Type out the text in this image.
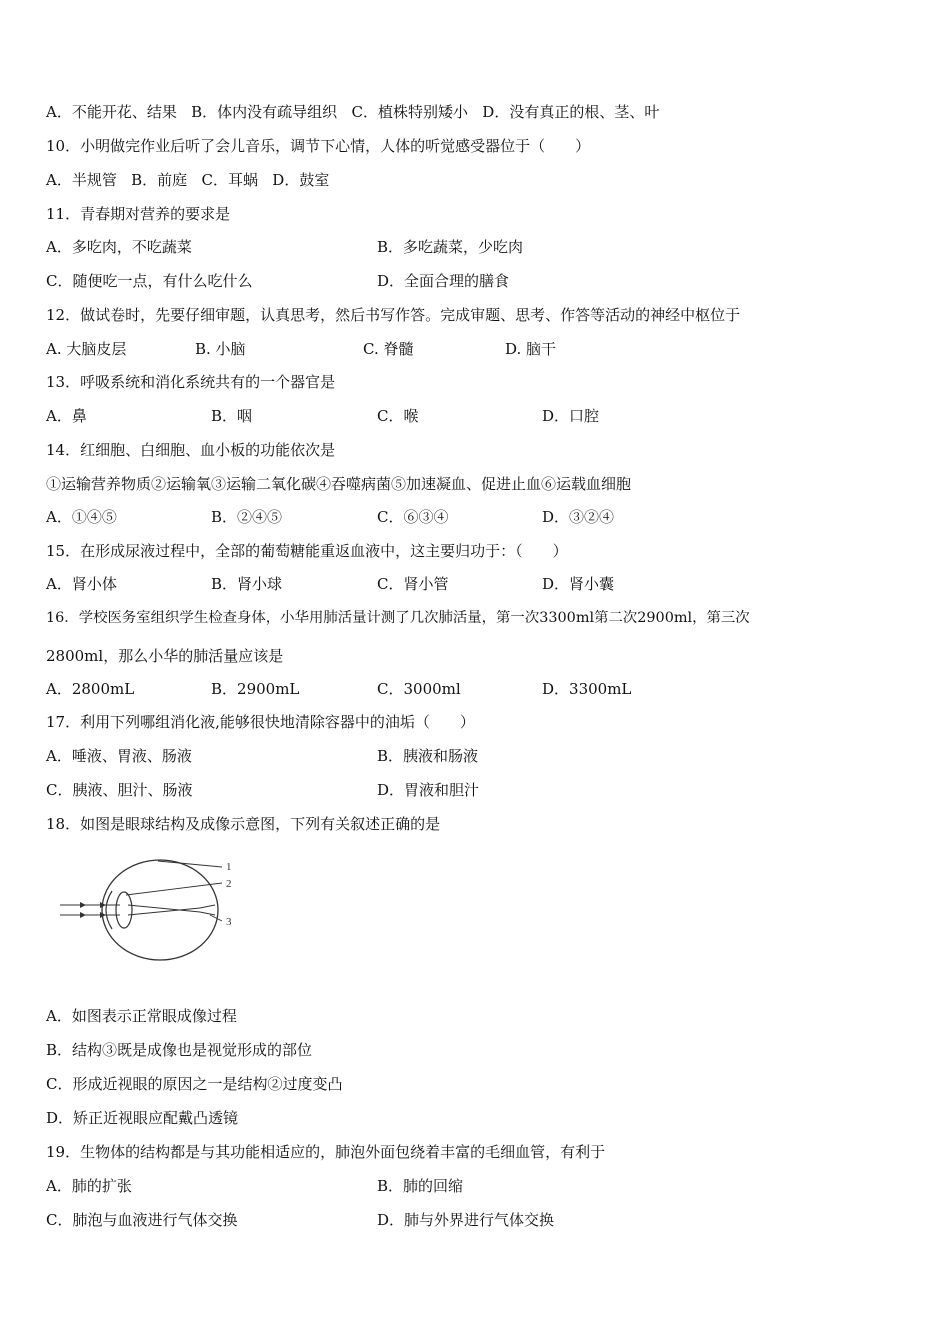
A．不能开花、结果 B．体内没有疏导组织 C．植株特别矮小 D．没有真正的根、茎、叶
10．小明做完作业后听了会儿音乐，调节下心情，人体的听觉感受器位于（　　）
A．半规管 B．前庭 C．耳蜗 D．鼓室
11．青春期对营养的要求是
A．多吃肉，不吃蔬菜	B．多吃蔬菜，少吃肉
C．随便吃一点，有什么吃什么	D．全面合理的膳食
12．做试卷时，先要仔细审题，认真思考，然后书写作答。完成审题、思考、作答等活动的神经中枢位于
A. 大脑皮层	B. 小脑	C. 脊髓	D. 脑干
13．呼吸系统和消化系统共有的一个器官是
A．鼻	B．咽	C．喉	D．口腔
14．红细胞、白细胞、血小板的功能依次是
①运输营养物质②运输氧③运输二氧化碳④吞噬病菌⑤加速凝血、促进止血⑥运载血细胞
A．①④⑤	B．②④⑤	C．⑥③④	D．③②④
15．在形成尿液过程中，全部的葡萄糖能重返血液中，这主要归功于：（　　）
A．肾小体	B．肾小球	C．肾小管	D．肾小囊
16．学校医务室组织学生检查身体，小华用肺活量计测了几次肺活量，第一次3300ml第二次2900ml，第三次
2800ml，那么小华的肺活量应该是
A．2800mL	B．2900mL	C．3000ml	D．3300mL
17．利用下列哪组消化液,能够很快地清除容器中的油垢（　　）
A．唾液、胃液、肠液	B．胰液和肠液
C．胰液、胆汁、肠液	D．胃液和胆汁
18．如图是眼球结构及成像示意图，下列有关叙述正确的是
1
2
3
A．如图表示正常眼成像过程
B．结构③既是成像也是视觉形成的部位
C．形成近视眼的原因之一是结构②过度变凸
D．矫正近视眼应配戴凸透镜
19．生物体的结构都是与其功能相适应的，肺泡外面包绕着丰富的毛细血管，有利于
A．肺的扩张	B．肺的回缩
C．肺泡与血液进行气体交换	D．肺与外界进行气体交换
